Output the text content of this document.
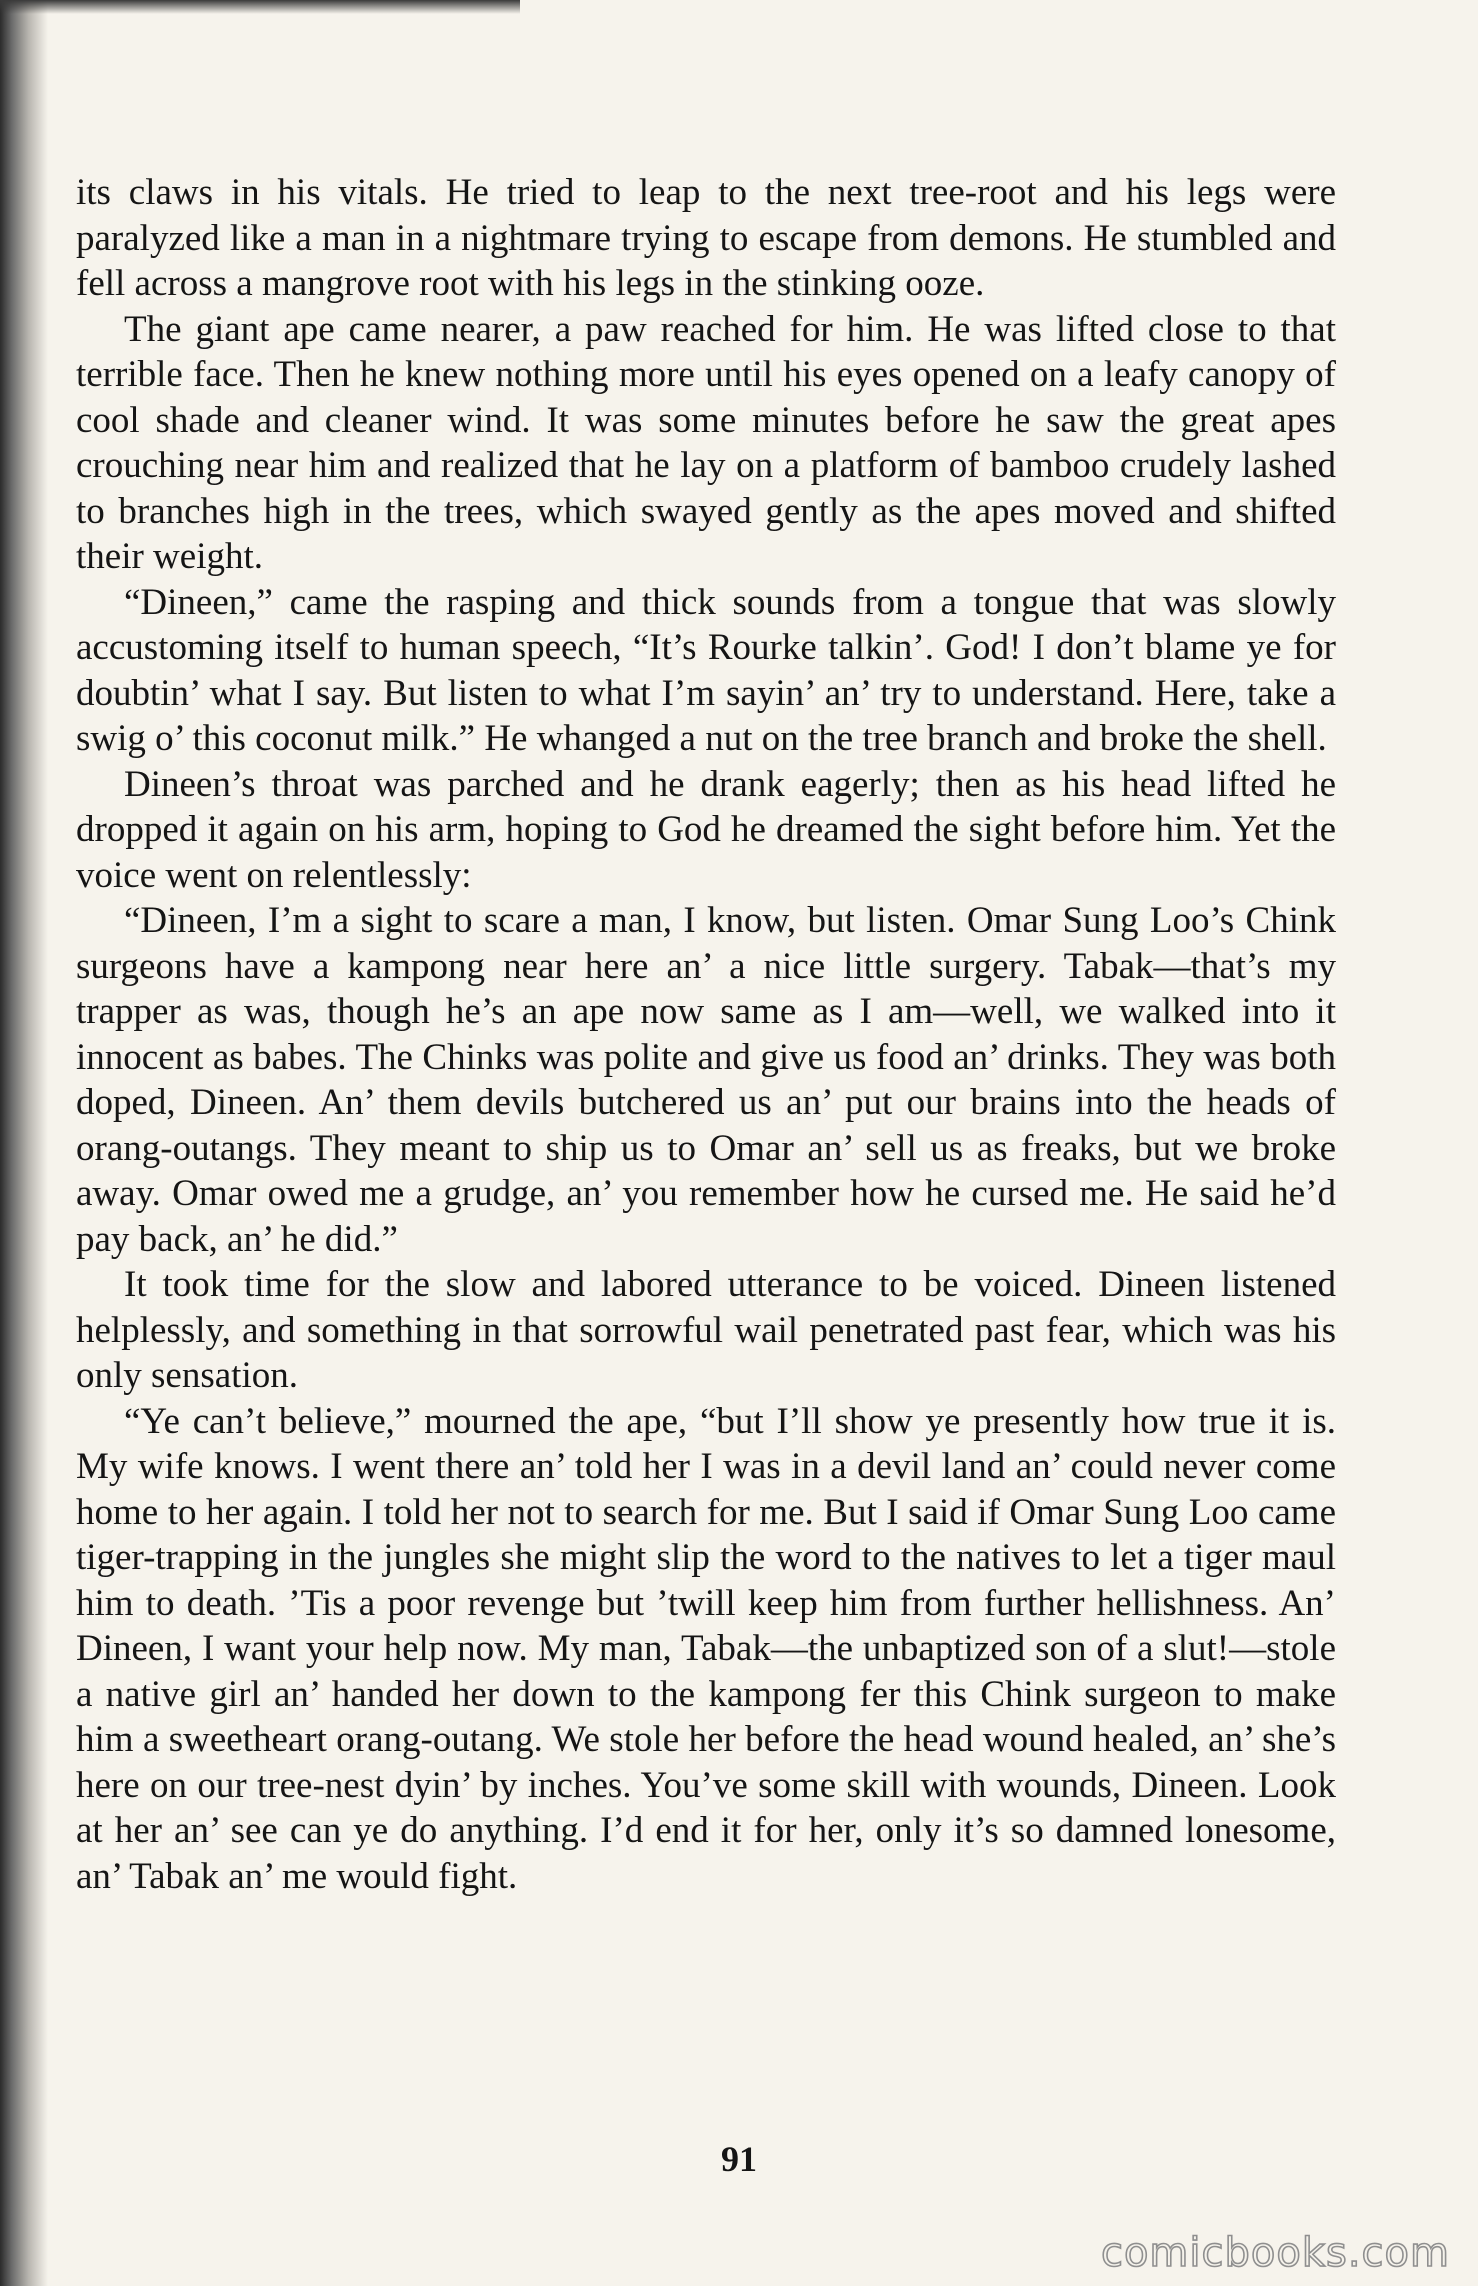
its claws in his vitals. He tried to leap to the next tree-root and his legs were paralyzed like a man in a nightmare trying to escape from demons. He stumbled and fell across a mangrove root with his legs in the stinking ooze.

The giant ape came nearer, a paw reached for him. He was lifted close to that terrible face. Then he knew nothing more until his eyes opened on a leafy canopy of cool shade and cleaner wind. It was some minutes before he saw the great apes crouching near him and realized that he lay on a platform of bamboo crudely lashed to branches high in the trees, which swayed gently as the apes moved and shifted their weight.

“Dineen,” came the rasping and thick sounds from a tongue that was slowly accustoming itself to human speech, “It’s Rourke talkin’. God! I don’t blame ye for doubtin’ what I say. But listen to what I’m sayin’ an’ try to understand. Here, take a swig o’ this coconut milk.” He whanged a nut on the tree branch and broke the shell.

Dineen’s throat was parched and he drank eagerly; then as his head lifted he dropped it again on his arm, hoping to God he dreamed the sight before him. Yet the voice went on relentlessly:

“Dineen, I’m a sight to scare a man, I know, but listen. Omar Sung Loo’s Chink surgeons have a kampong near here an’ a nice little surgery. Tabak—that’s my trapper as was, though he’s an ape now same as I am—well, we walked into it innocent as babes. The Chinks was polite and give us food an’ drinks. They was both doped, Dineen. An’ them devils butchered us an’ put our brains into the heads of orang-outangs. They meant to ship us to Omar an’ sell us as freaks, but we broke away. Omar owed me a grudge, an’ you remember how he cursed me. He said he’d pay back, an’ he did.”

It took time for the slow and labored utterance to be voiced. Dineen listened helplessly, and something in that sorrowful wail penetrated past fear, which was his only sensation.

“Ye can’t believe,” mourned the ape, “but I’ll show ye presently how true it is. My wife knows. I went there an’ told her I was in a devil land an’ could never come home to her again. I told her not to search for me. But I said if Omar Sung Loo came tiger-trapping in the jungles she might slip the word to the natives to let a tiger maul him to death. ’Tis a poor revenge but ’twill keep him from further hellishness. An’ Dineen, I want your help now. My man, Tabak—the unbaptized son of a slut!—stole a native girl an’ handed her down to the kampong fer this Chink surgeon to make him a sweetheart orang-outang. We stole her before the head wound healed, an’ she’s here on our tree-nest dyin’ by inches. You’ve some skill with wounds, Dineen. Look at her an’ see can ye do anything. I’d end it for her, only it’s so damned lonesome, an’ Tabak an’ me would fight.

91
comicbooks.com
